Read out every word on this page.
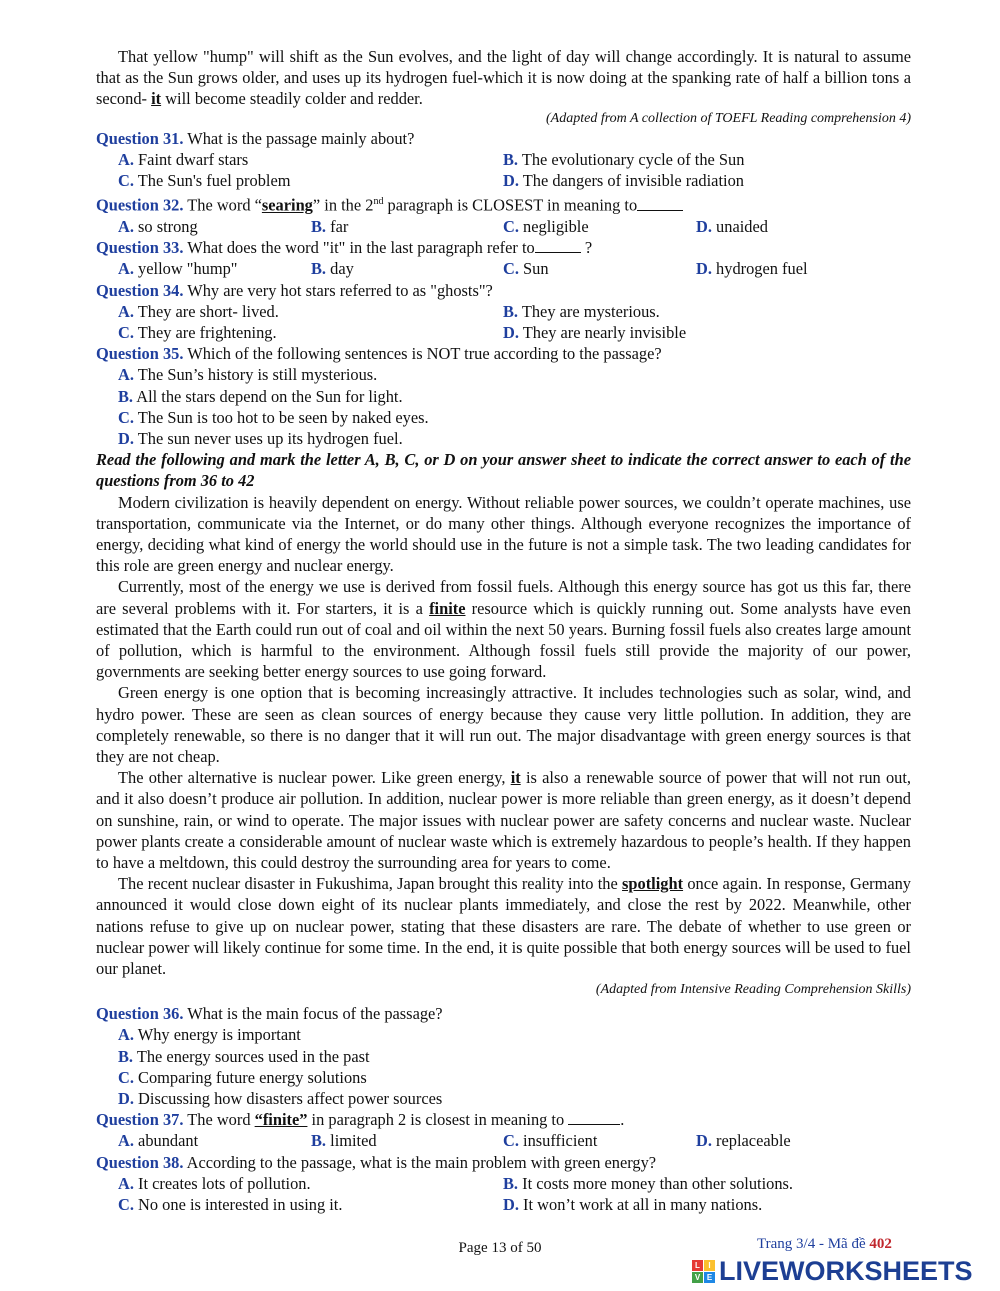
That yellow "hump" will shift as the Sun evolves, and the light of day will change accordingly. It is natural to assume that as the Sun grows older, and uses up its hydrogen fuel-which it is now doing at the spanking rate of half a billion tons a second- it will become steadily colder and redder.

(Adapted from A collection of TOEFL Reading comprehension 4)

Question 31. What is the passage mainly about?

A. Faint dwarf stars	B. The evolutionary cycle of the Sun
C. The Sun's fuel problem	D. The dangers of invisible radiation

Question 32. The word “searing” in the 2nd paragraph is CLOSEST in meaning to

A. so strong	B. far	C. negligible	D. unaided

Question 33. What does the word "it" in the last paragraph refer to	?

A. yellow "hump"	B. day	C. Sun	D. hydrogen fuel

Question 34. Why are very hot stars referred to as "ghosts"?

A. They are short- lived.	B. They are mysterious.
C. They are frightening.	D. They are nearly invisible

Question 35. Which of the following sentences is NOT true according to the passage?

A. The Sun’s history is still mysterious.

B. All the stars depend on the Sun for light.

C. The Sun is too hot to be seen by naked eyes.

D. The sun never uses up its hydrogen fuel.

Read the following and mark the letter A, B, C, or D on your answer sheet to indicate the correct answer to each of the questions from 36 to 42

Modern civilization is heavily dependent on energy. Without reliable power sources, we couldn’t operate machines, use transportation, communicate via the Internet, or do many other things. Although everyone recognizes the importance of energy, deciding what kind of energy the world should use in the future is not a simple task. The two leading candidates for this role are green energy and nuclear energy.

Currently, most of the energy we use is derived from fossil fuels. Although this energy source has got us this far, there are several problems with it. For starters, it is a finite resource which is quickly running out. Some analysts have even estimated that the Earth could run out of coal and oil within the next 50 years. Burning fossil fuels also creates large amount of pollution, which is harmful to the environment. Although fossil fuels still provide the majority of our power, governments are seeking better energy sources to use going forward.

Green energy is one option that is becoming increasingly attractive. It includes technologies such as solar, wind, and hydro power. These are seen as clean sources of energy because they cause very little pollution. In addition, they are completely renewable, so there is no danger that it will run out. The major disadvantage with green energy sources is that they are not cheap.

The other alternative is nuclear power. Like green energy, it is also a renewable source of power that will not run out, and it also doesn’t produce air pollution. In addition, nuclear power is more reliable than green energy, as it doesn’t depend on sunshine, rain, or wind to operate. The major issues with nuclear power are safety concerns and nuclear waste. Nuclear power plants create a considerable amount of nuclear waste which is extremely hazardous to people’s health. If they happen to have a meltdown, this could destroy the surrounding area for years to come.

The recent nuclear disaster in Fukushima, Japan brought this reality into the spotlight once again. In response, Germany announced it would close down eight of its nuclear plants immediately, and close the rest by 2022. Meanwhile, other nations refuse to give up on nuclear power, stating that these disasters are rare. The debate of whether to use green or nuclear power will likely continue for some time. In the end, it is quite possible that both energy sources will be used to fuel our planet.

(Adapted from Intensive Reading Comprehension Skills)

Question 36. What is the main focus of the passage?

A. Why energy is important

B. The energy sources used in the past

C. Comparing future energy solutions

D. Discussing how disasters affect power sources

Question 37. The word “finite” in paragraph 2 is closest in meaning to	.

A. abundant	B. limited	C. insufficient	D. replaceable

Question 38. According to the passage, what is the main problem with green energy?

A. It creates lots of pollution.	B. It costs more money than other solutions.
C. No one is interested in using it.	D. It won’t work at all in many nations.
Page 13 of 50	Trang 3/4 - Mã đề 402
L	I
V E LIVEWORKSHEETS
